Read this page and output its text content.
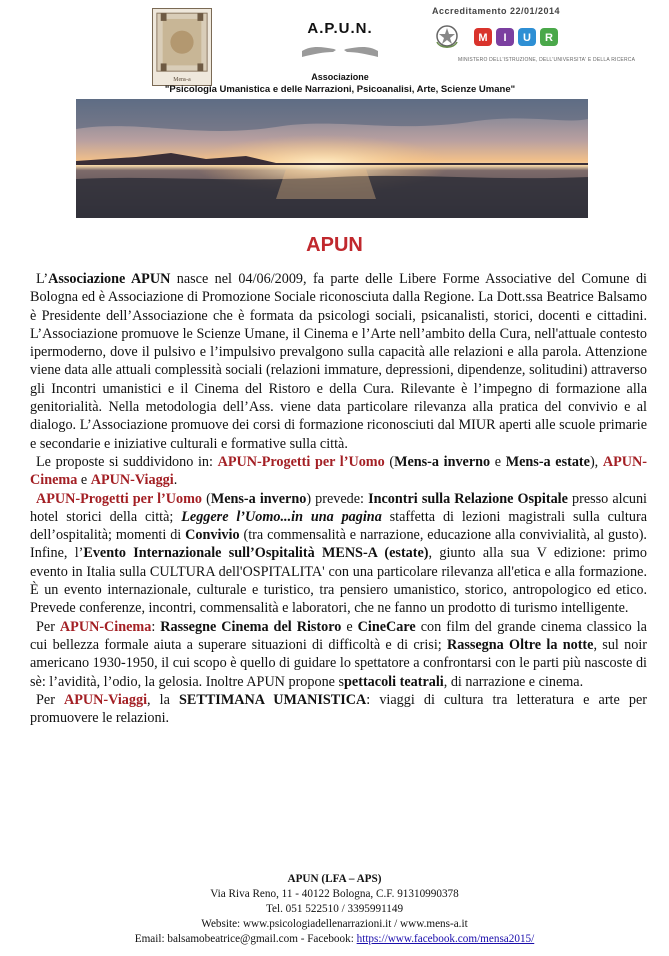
Mens-a
A.P.U.N.
Associazione
"Psicologia Umanistica e delle Narrazioni, Psicoanalisi, Arte, Scienze Umane"
Accreditamento 22/01/2014
M I U R
MINISTERO DELL'ISTRUZIONE, DELL'UNIVERSITA' E DELLA RICERCA
APUN

L’Associazione APUN nasce nel 04/06/2009, fa parte delle Libere Forme Associative del Comune di Bologna ed è Associazione di Promozione Sociale riconosciuta dalla Regione. La Dott.ssa Beatrice Balsamo è Presidente dell’Associazione che è formata da psicologi sociali, psicanalisti, storici, docenti e cittadini. L’Associazione promuove le Scienze Umane, il Cinema e l’Arte nell’ambito della Cura, nell'attuale contesto ipermoderno, dove il pulsivo e l’impulsivo prevalgono sulla capacità alle relazioni e alla parola. Attenzione viene data alle attuali complessità sociali (relazioni immature, depressioni, dipendenze, solitudini) attraverso gli Incontri umanistici e il Cinema del Ristoro e della Cura. Rilevante è l’impegno di formazione alla genitorialità. Nella metodologia dell’Ass. viene data particolare rilevanza alla pratica del convivio e al dialogo. L’Associazione promuove dei corsi di formazione riconosciuti dal MIUR aperti alle scuole primarie e secondarie e iniziative culturali e formative sulla città.

Le proposte si suddividono in: APUN-Progetti per l’Uomo (Mens-a inverno e Mens-a estate), APUN-Cinema e APUN-Viaggi.

APUN-Progetti per l’Uomo (Mens-a inverno) prevede: Incontri sulla Relazione Ospitale presso alcuni hotel storici della città; Leggere l’Uomo...in una pagina staffetta di lezioni magistrali sulla cultura dell’ospitalità; momenti di Convivio (tra commensalità e narrazione, educazione alla convivialità, al gusto). Infine, l’Evento Internazionale sull’Ospitalità MENS-A (estate), giunto alla sua V edizione: primo evento in Italia sulla CULTURA dell'OSPITALITA' con una particolare rilevanza all'etica e alla formazione. È un evento internazionale, culturale e turistico, tra pensiero umanistico, storico, antropologico ed etico. Prevede conferenze, incontri, commensalità e laboratori, che ne fanno un prodotto di turismo intelligente.

Per APUN-Cinema: Rassegne Cinema del Ristoro e CineCare con film del grande cinema classico la cui bellezza formale aiuta a superare situazioni di difficoltà e di crisi; Rassegna Oltre la notte, sul noir americano 1930-1950, il cui scopo è quello di guidare lo spettatore a confrontarsi con le parti più nascoste di sè: l’avidità, l’odio, la gelosia. Inoltre APUN propone spettacoli teatrali, di narrazione e cinema.

Per APUN-Viaggi, la SETTIMANA UMANISTICA: viaggi di cultura tra letteratura e arte per promuovere le relazioni.

APUN (LFA – APS)
Via Riva Reno, 11 - 40122 Bologna, C.F. 91310990378
Tel. 051 522510 / 3395991149
Website: www.psicologiadellenarrazioni.it / www.mens-a.it
Email: balsamobeatrice@gmail.com - Facebook: https://www.facebook.com/mensa2015/
